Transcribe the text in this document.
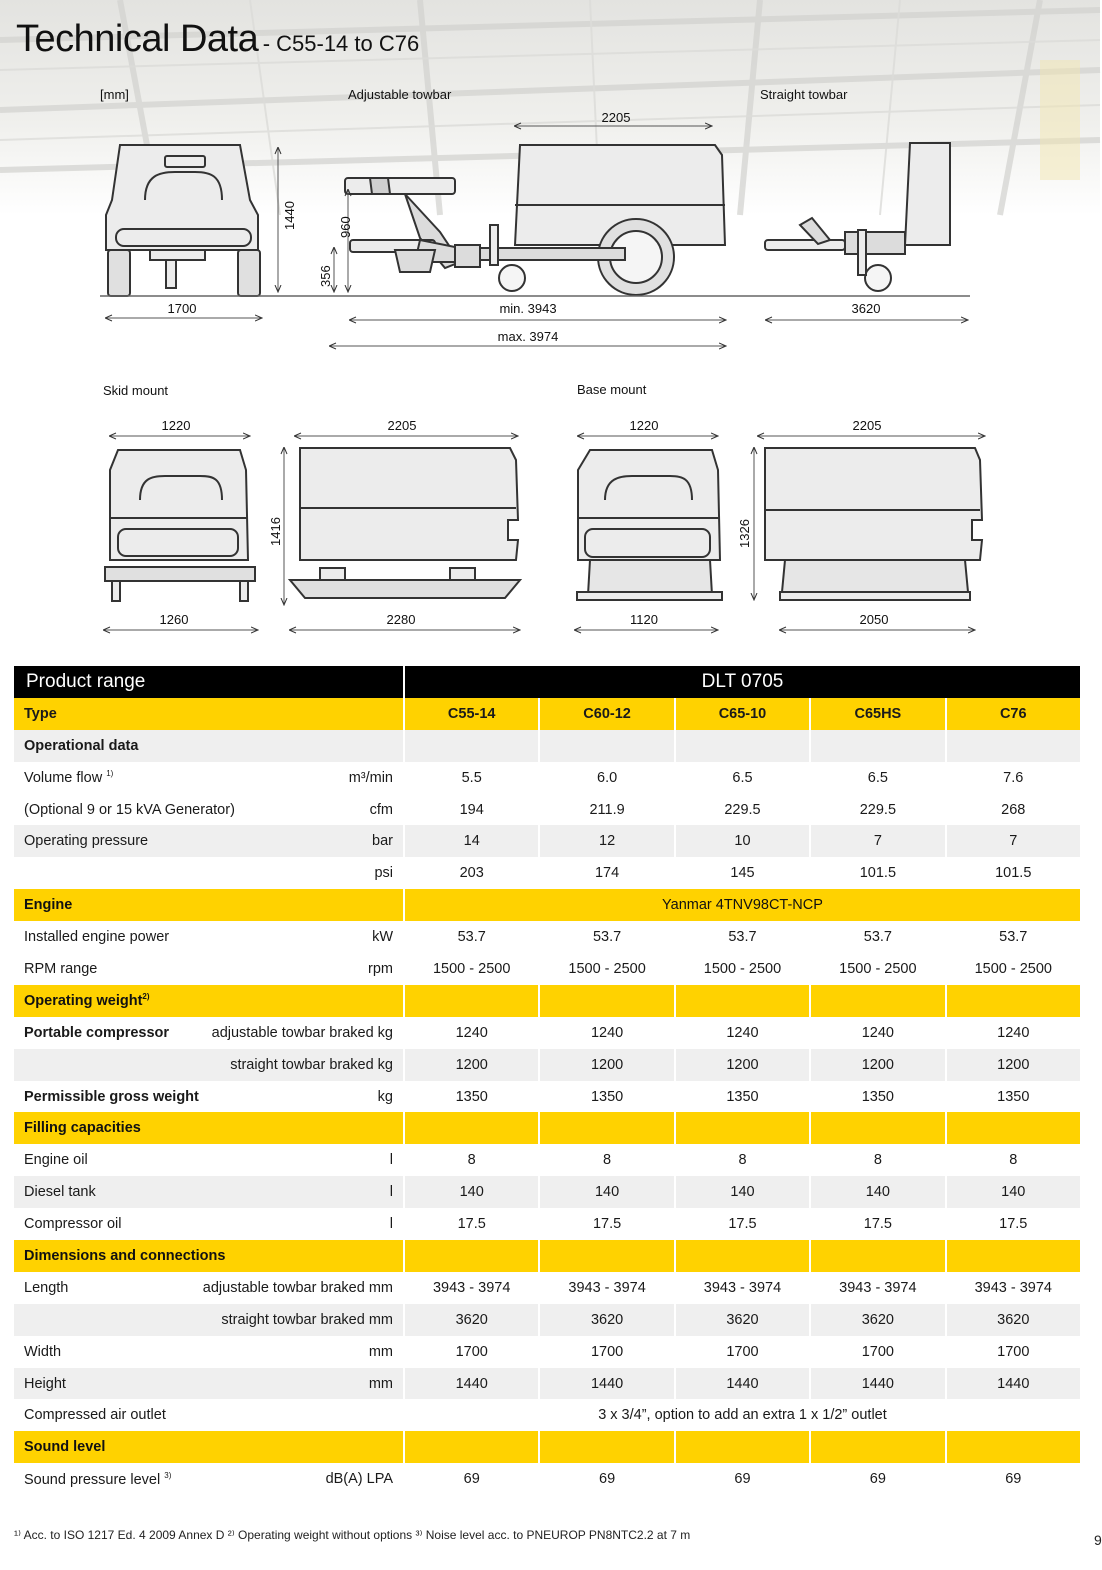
Technical Data - C55-14 to C76
[mm]	Adjustable towbar	Straight towbar
Skid mount	Base mount
1700
1440	960
356
2205
min. 3943
max. 3974
3620
1220	2205
1416
1260	2280
1220	2205
1326
1120	2050
Product range	DLT 0705				
Type	C55-14	C60-12	C65-10	C65HS	C76
Operational data					

Volume flow $^{1)}$ m³/min	5.5	6.0	6.5	6.5	7.6

(Optional 9 or 15 kVA Generator) cfm	194	211.9	229.5	229.5	268

Operating pressure bar	14	12	10	7	7

psi	203	174	145	101.5	101.5
Engine	Yanmar 4TNV98CT-NCP				

Installed engine power kW	53.7	53.7	53.7	53.7	53.7

RPM range rpm	1500 - 2500	1500 - 2500	1500 - 2500	1500 - 2500	1500 - 2500
Operating weight$^{2)}$					

Portable compressor adjustable towbar braked kg	1240	1240	1240	1240	1240

straight towbar braked kg	1200	1200	1200	1200	1200

Permissible gross weight kg	1350	1350	1350	1350	1350
Filling capacities					

Engine oil l	8	8	8	8	8

Diesel tank l	140	140	140	140	140

Compressor oil l	17.5	17.5	17.5	17.5	17.5
Dimensions and connections					

Length adjustable towbar braked mm	3943 - 3974	3943 - 3974	3943 - 3974	3943 - 3974	3943 - 3974

straight towbar braked mm	3620	3620	3620	3620	3620

Width mm	1700	1700	1700	1700	1700

Height mm	1440	1440	1440	1440	1440
Compressed air outlet	3 x 3/4”, option to add an extra 1 x 1/2” outlet				
Sound level					

Sound pressure level $^{3)}$ dB(A) LPA	69	69	69	69	69
¹⁾ Acc. to ISO 1217 Ed. 4 2009 Annex D ²⁾ Operating weight without options ³⁾ Noise level acc. to PNEUROP PN8NTC2.2 at 7 m	9
